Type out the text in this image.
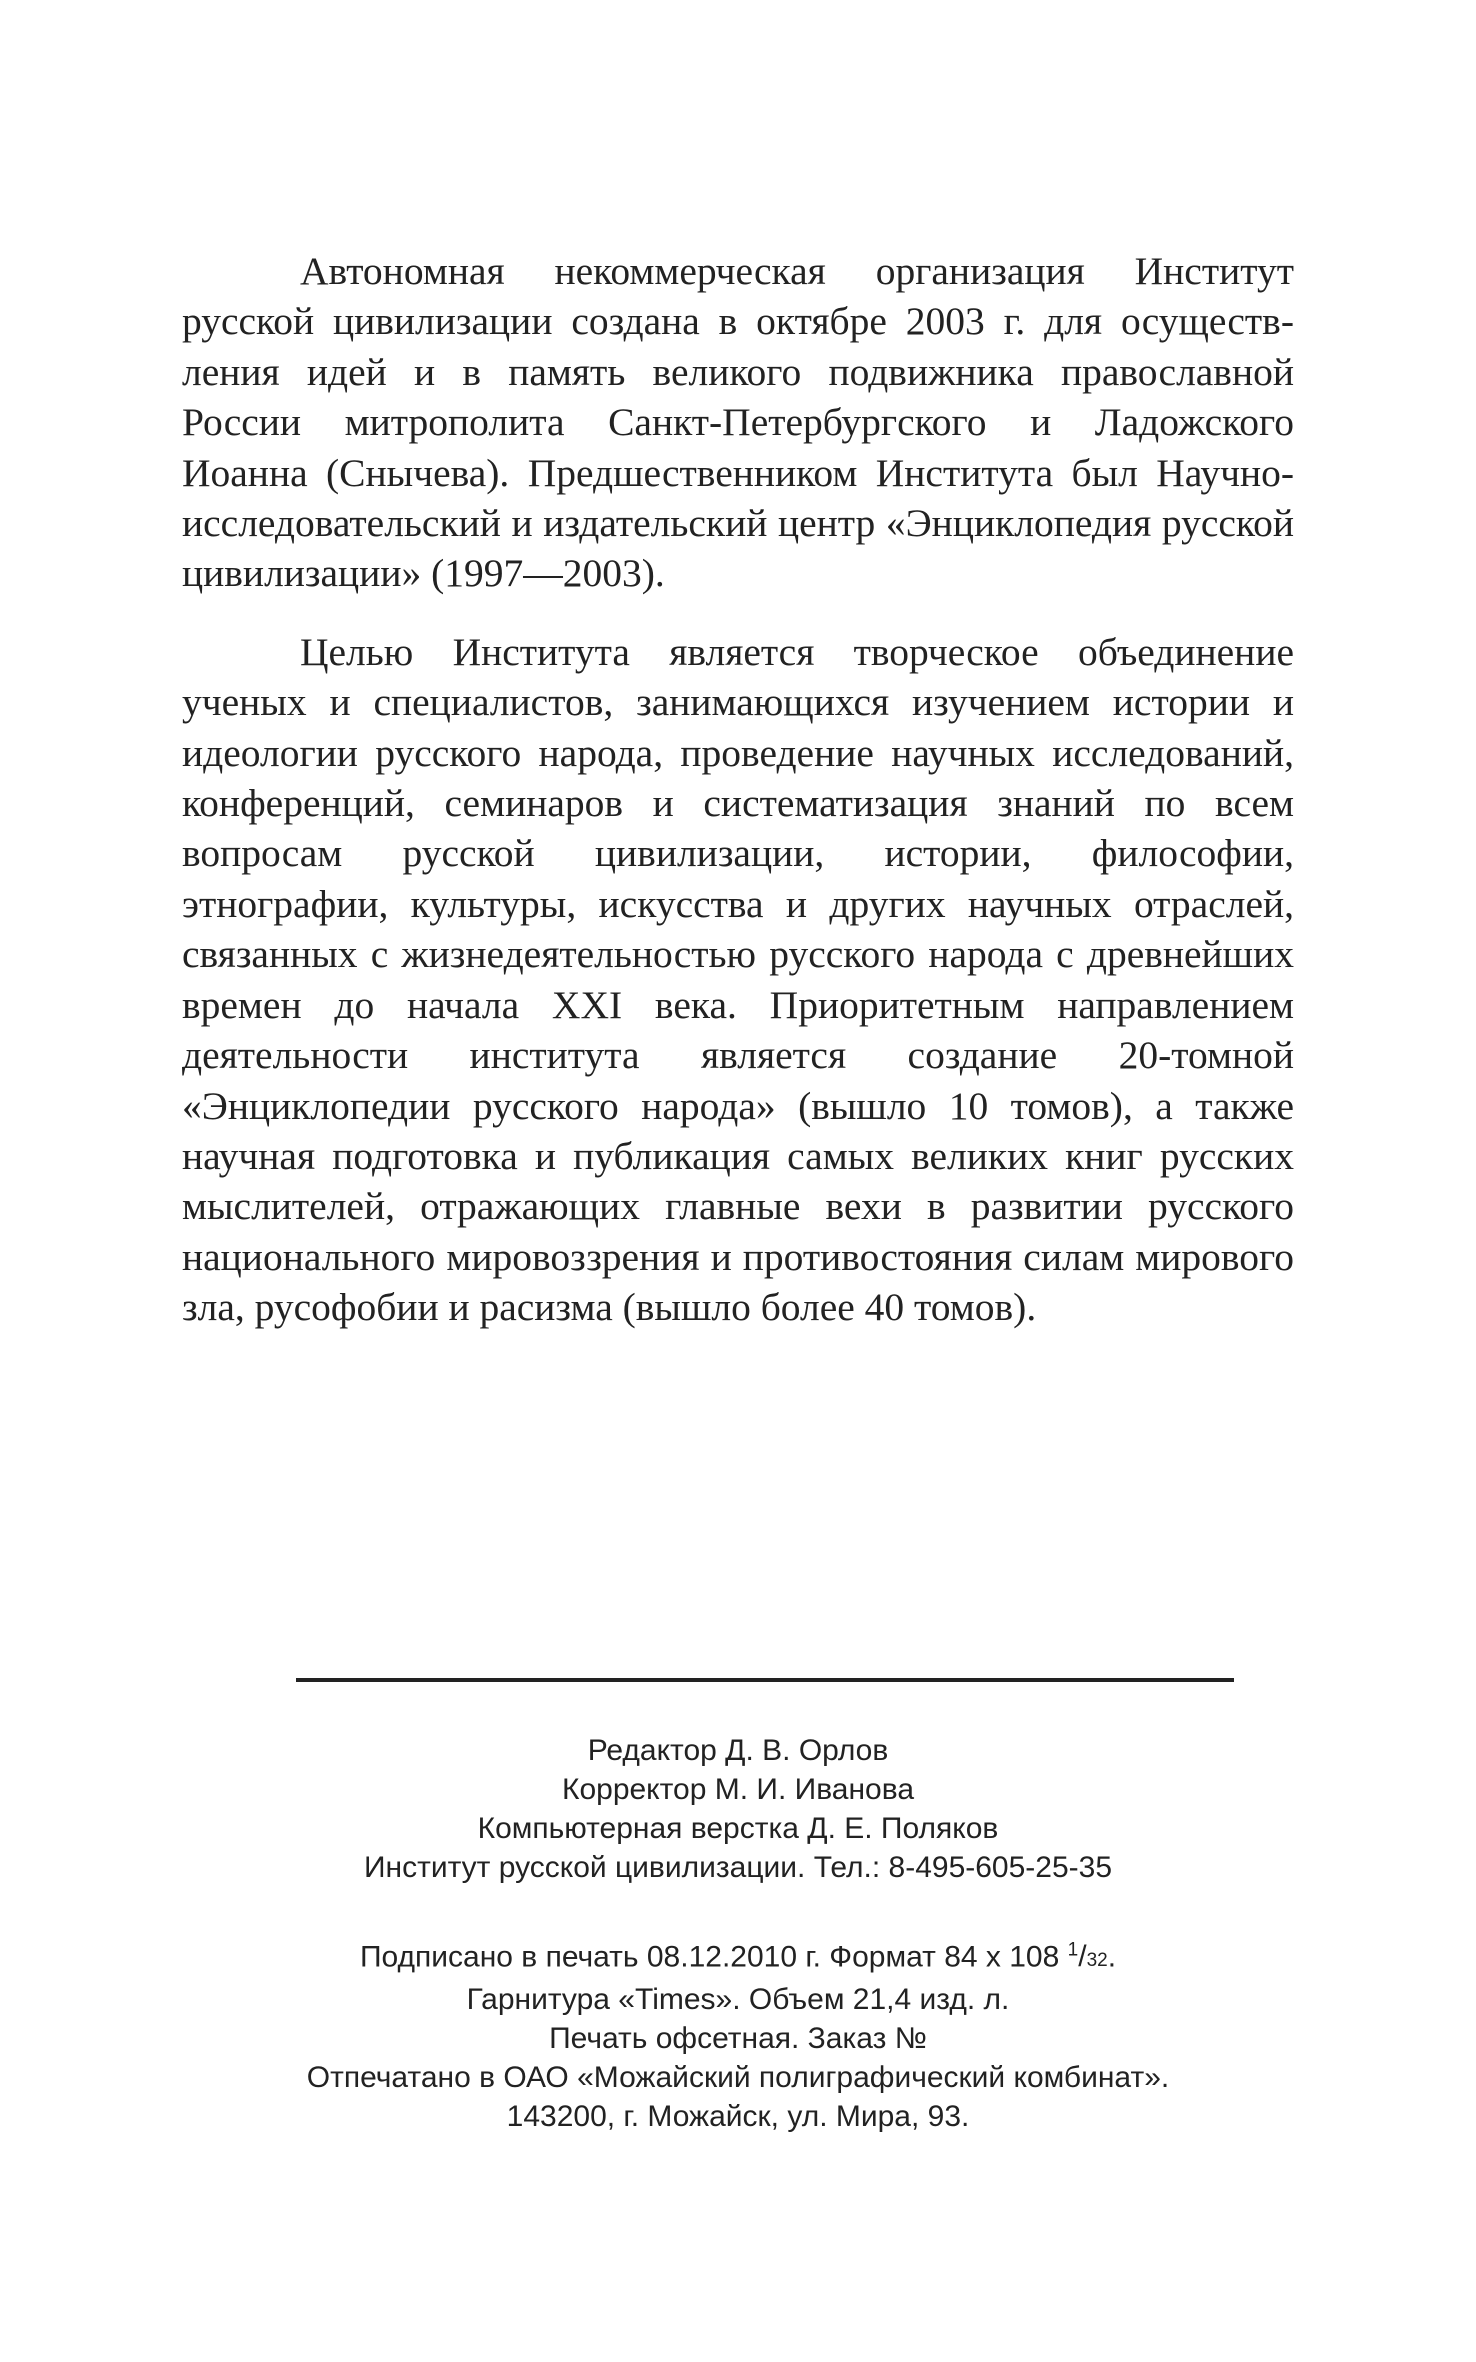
Автономная некоммерческая организация Институт русской цивилизации создана в октябре 2003 г. для осуществления идей и в память великого подвижника православной России митрополита Санкт-Петербургского и Ладожского Иоанна (Снычева). Предшественником Института был Научно-исследовательский и издательский центр «Энциклопедия русской цивилизации» (1997—2003).

Целью Института является творческое объединение ученых и специалистов, занимающихся изучением истории и идеологии русского народа, проведение научных исследований, конференций, семинаров и систематизация знаний по всем вопросам русской цивилизации, истории, философии, этнографии, культуры, искусства и других научных отраслей, связанных с жизнедеятельностью русского народа с древнейших времен до начала XXI века. Приоритетным направлением деятельности института является создание 20-томной «Энциклопедии русского народа» (вышло 10 томов), а также научная подготовка и публикация самых великих книг русских мыслителей, отражающих главные вехи в развитии русского национального мировоззрения и противостояния силам мирового зла, русофобии и расизма (вышло более 40 томов).

Редактор Д. В. Орлов
Корректор М. И. Иванова
Компьютерная верстка Д. Е. Поляков
Институт русской цивилизации. Тел.: 8-495-605-25-35
Подписано в печать 08.12.2010 г. Формат 84 x 108 1/32.
Гарнитура «Times». Объем 21,4 изд. л.
Печать офсетная. Заказ №
Отпечатано в ОАО «Можайский полиграфический комбинат».
143200, г. Можайск, ул. Мира, 93.
